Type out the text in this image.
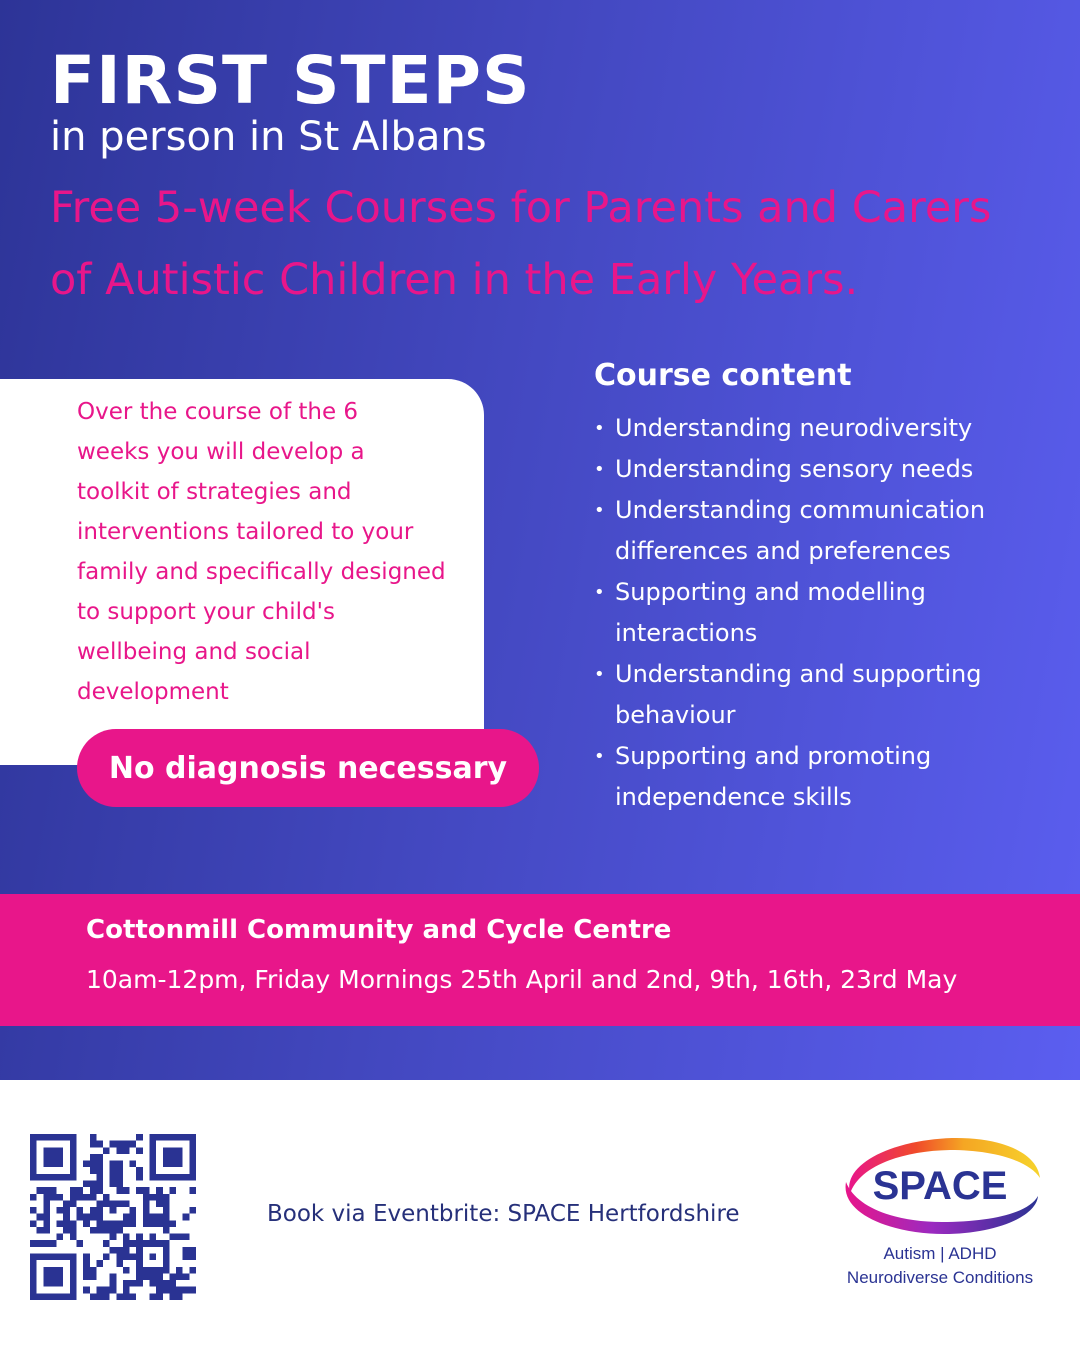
FIRST STEPS
in person in St Albans
Free 5-week Courses for Parents and Carers
of Autistic Children in the Early Years.
Over the course of the 6
weeks you will develop a
toolkit of strategies and
interventions tailored to your
family and specifically designed
to support your child's
wellbeing and social
development
No diagnosis necessary
Course content
• Understanding neurodiversity
• Understanding sensory needs
• Understanding communication
differences and preferences
• Supporting and modelling
interactions
• Understanding and supporting
behaviour
• Supporting and promoting
independence skills
Cottonmill Community and Cycle Centre
10am-12pm, Friday Mornings 25th April and 2nd, 9th, 16th, 23rd May
Book via Eventbrite: SPACE Hertfordshire
SPACE
Autism | ADHD
Neurodiverse Conditions
